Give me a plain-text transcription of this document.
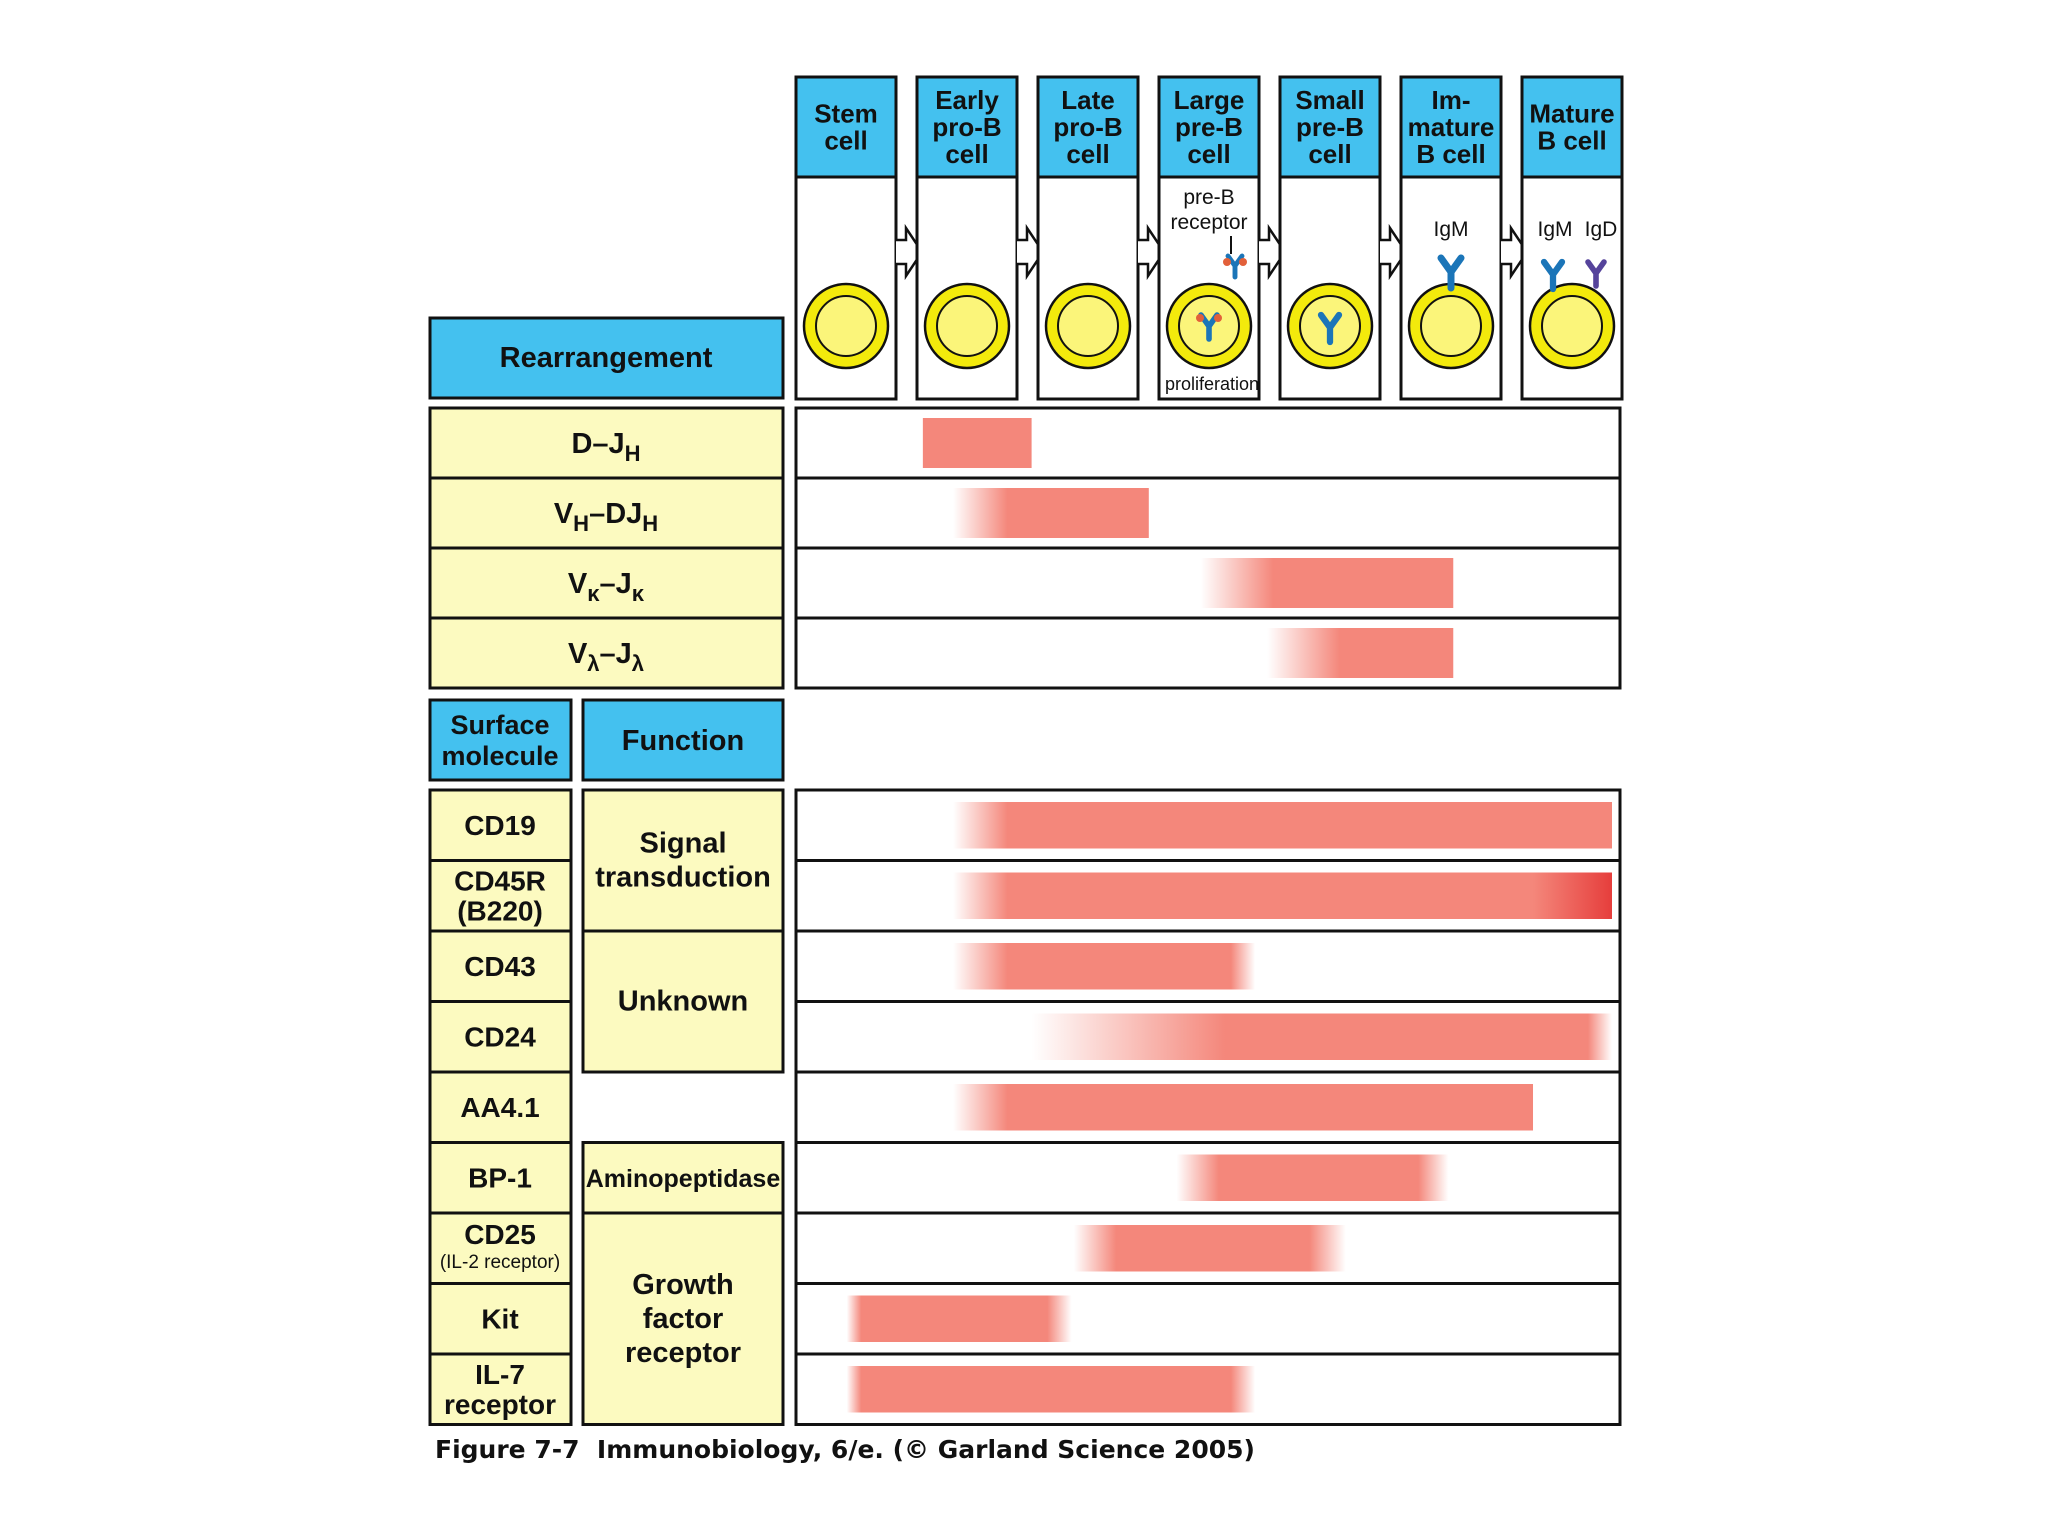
Stem
cell
Early
pro-B
cell
Late
pro-B
cell
Large
pre-B
cell
Small
pre-B
cell
Im-
mature
B cell
Mature
B cell
pre-B
receptor
proliferation
IgM	IgM IgD
Rearrangement
$D-J_H$
$V_H-DJ_H$
$V_\kappa-J_\kappa$
$V_\lambda-J_\lambda$
Surface
molecule Function
CD19
CD45R
(B220)
CD43
CD24
AA4.1
BP-1
CD25
(IL-2 receptor)
Kit
IL-7
receptor
Signal
transduction
Unknown
Aminopeptidase
Growth
factor
receptor
Figure 7-7 Immunobiology, 6/e. (© Garland Science 2005)
